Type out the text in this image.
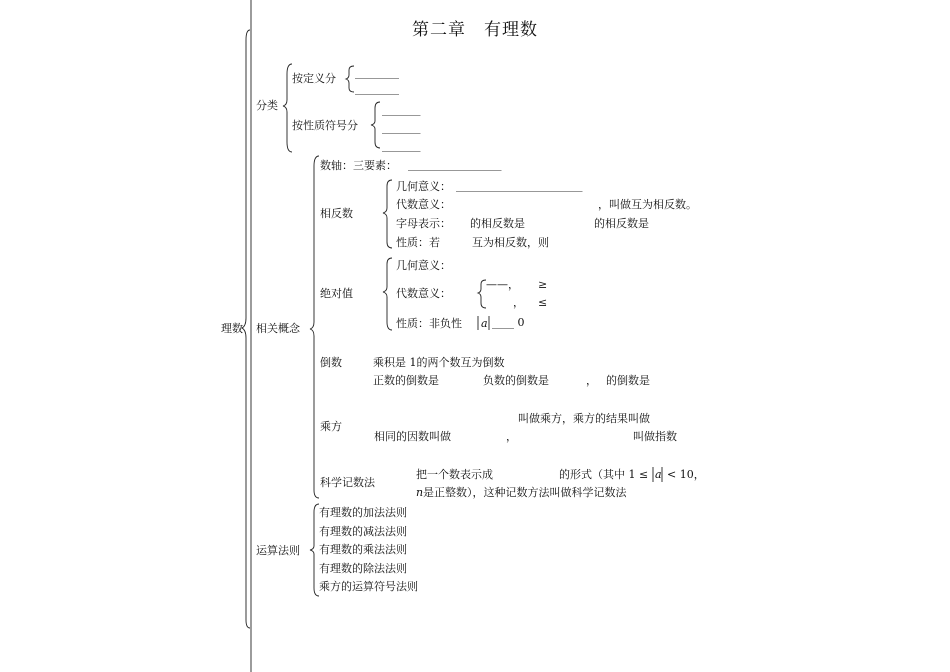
第二章　有理数
理数
分类
按定义分 ________
________
按性质符号分
_______
_______
_______
相关概念
数轴：三要素： _________________
相反数
几何意义： _______________________
代数意义：	，叫做互为相反数。
字母表示： 的相反数是	的相反数是
性质：若	互为相反数，则
绝对值
几何意义：
代数意义：
——， ≥
， ≤
性质：非负性 a ____ 0
倒数	乘积是 1的两个数互为倒数
正数的倒数是	负数的倒数是	， 的倒数是
乘方
叫做乘方，乘方的结果叫做
相同的因数叫做	，	叫做指数
科学记数法
把一个数表示成	的形式（其中 1 ≤ a < 10，
n 是正整数），这种记数方法叫做科学记数法
运算法则
有理数的加法法则
有理数的减法法则
有理数的乘法法则
有理数的除法法则
乘方的运算符号法则
